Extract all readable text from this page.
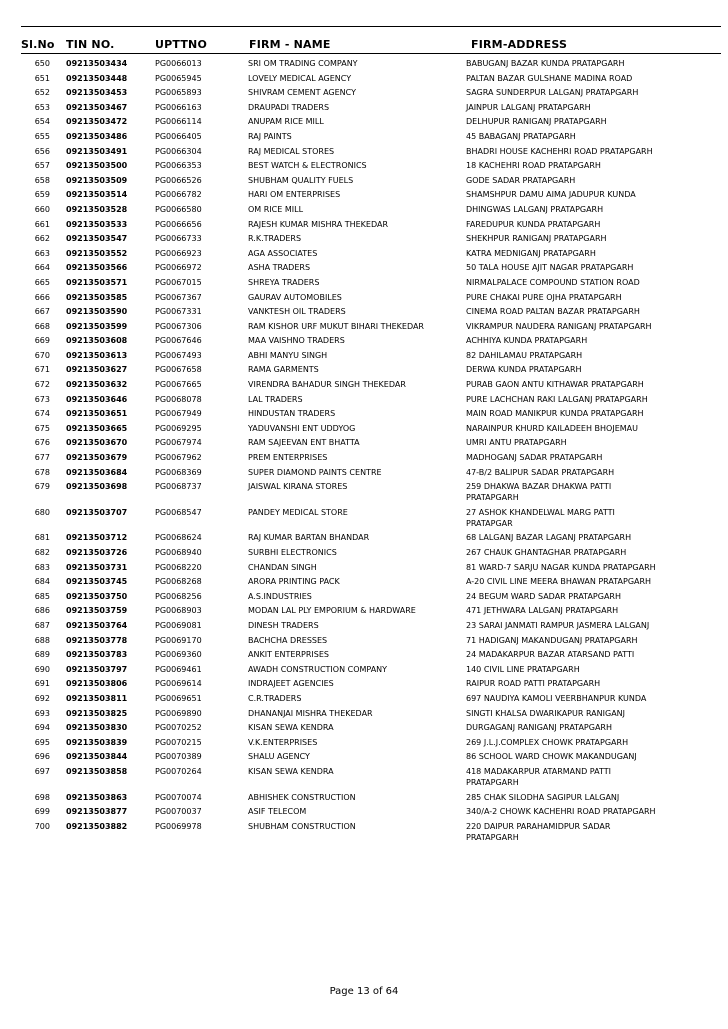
Sl.No TIN NO.	UPTTNO	FIRM - NAME	FIRM-ADDRESS
650 09213503434	PG0066013	SRI OM TRADING COMPANY	BABUGANJ BAZAR KUNDA PRATAPGARH
651 09213503448	PG0065945	LOVELY MEDICAL AGENCY	PALTAN BAZAR GULSHANE MADINA ROAD
652 09213503453	PG0065893	SHIVRAM CEMENT AGENCY	SAGRA SUNDERPUR LALGANJ PRATAPGARH
653 09213503467	PG0066163	DRAUPADI TRADERS	JAINPUR LALGANJ PRATAPGARH
654 09213503472	PG0066114	ANUPAM RICE MILL	DELHUPUR RANIGANJ PRATAPGARH
655 09213503486	PG0066405	RAJ PAINTS	45 BABAGANJ PRATAPGARH
656 09213503491	PG0066304	RAJ MEDICAL STORES	BHADRI HOUSE KACHEHRI ROAD PRATAPGARH
657 09213503500	PG0066353	BEST WATCH & ELECTRONICS	18 KACHEHRI ROAD PRATAPGARH
658 09213503509	PG0066526	SHUBHAM QUALITY FUELS	GODE SADAR PRATAPGARH
659 09213503514	PG0066782	HARI OM ENTERPRISES	SHAMSHPUR DAMU AIMA JADUPUR KUNDA
660 09213503528	PG0066580	OM RICE MILL	DHINGWAS LALGANJ PRATAPGARH
661 09213503533	PG0066656	RAJESH KUMAR MISHRA THEKEDAR	FAREDUPUR KUNDA PRATAPGARH
662 09213503547	PG0066733	R.K.TRADERS	SHEKHPUR RANIGANJ PRATAPGARH
663 09213503552	PG0066923	AGA ASSOCIATES	KATRA MEDNIGANJ PRATAPGARH
664 09213503566	PG0066972	ASHA TRADERS	50 TALA HOUSE AJIT NAGAR PRATAPGARH
665 09213503571	PG0067015	SHREYA TRADERS	NIRMALPALACE COMPOUND STATION ROAD
666 09213503585	PG0067367	GAURAV AUTOMOBILES	PURE CHAKAI PURE OJHA PRATAPGARH
667 09213503590	PG0067331	VANKTESH OIL TRADERS	CINEMA ROAD PALTAN BAZAR PRATAPGARH
668 09213503599	PG0067306	RAM KISHOR URF MUKUT BIHARI THEKEDAR	VIKRAMPUR NAUDERA RANIGANJ PRATAPGARH
669 09213503608	PG0067646	MAA VAISHNO TRADERS	ACHHIYA KUNDA PRATAPGARH
670 09213503613	PG0067493	ABHI MANYU SINGH	82 DAHILAMAU PRATAPGARH
671 09213503627	PG0067658	RAMA GARMENTS	DERWA KUNDA PRATAPGARH
672 09213503632	PG0067665	VIRENDRA BAHADUR SINGH THEKEDAR	PURAB GAON ANTU KITHAWAR PRATAPGARH
673 09213503646	PG0068078	LAL TRADERS	PURE LACHCHAN RAKI LALGANJ PRATAPGARH
674 09213503651	PG0067949	HINDUSTAN TRADERS	MAIN ROAD MANIKPUR KUNDA PRATAPGARH
675 09213503665	PG0069295	YADUVANSHI ENT UDDYOG	NARAINPUR KHURD KAILADEEH BHOJEMAU
676 09213503670	PG0067974	RAM SAJEEVAN ENT BHATTA	UMRI ANTU PRATAPGARH
677 09213503679	PG0067962	PREM ENTERPRISES	MADHOGANJ SADAR PRATAPGARH
678 09213503684	PG0068369	SUPER DIAMOND PAINTS CENTRE	47-B/2 BALIPUR SADAR PRATAPGARH
679 09213503698	PG0068737	JAISWAL KIRANA STORES	259 DHAKWA BAZAR DHAKWA PATTI PRATAPGARH
680 09213503707	PG0068547	PANDEY MEDICAL STORE	27 ASHOK KHANDELWAL MARG PATTI PRATAPGAR
681 09213503712	PG0068624	RAJ KUMAR BARTAN BHANDAR	68 LALGANJ BAZAR LAGANJ PRATAPGARH
682 09213503726	PG0068940	SURBHI ELECTRONICS	267 CHAUK GHANTAGHAR PRATAPGARH
683 09213503731	PG0068220	CHANDAN SINGH	81 WARD-7 SARJU NAGAR KUNDA PRATAPGARH
684 09213503745	PG0068268	ARORA PRINTING PACK	A-20 CIVIL LINE MEERA BHAWAN PRATAPGARH
685 09213503750	PG0068256	A.S.INDUSTRIES	24 BEGUM WARD SADAR PRATAPGARH
686 09213503759	PG0068903	MODAN LAL PLY EMPORIUM & HARDWARE	471 JETHWARA LALGANJ PRATAPGARH
687 09213503764	PG0069081	DINESH TRADERS	23 SARAI JANMATI RAMPUR JASMERA LALGANJ
688 09213503778	PG0069170	BACHCHA DRESSES	71 HADIGANJ MAKANDUGANJ PRATAPGARH
689 09213503783	PG0069360	ANKIT ENTERPRISES	24 MADAKARPUR BAZAR ATARSAND PATTI
690 09213503797	PG0069461	AWADH CONSTRUCTION COMPANY	140 CIVIL LINE PRATAPGARH
691 09213503806	PG0069614	INDRAJEET AGENCIES	RAIPUR ROAD PATTI PRATAPGARH
692 09213503811	PG0069651	C.R.TRADERS	697 NAUDIYA KAMOLI VEERBHANPUR KUNDA
693 09213503825	PG0069890	DHANANJAI MISHRA THEKEDAR	SINGTI KHALSA DWARIKAPUR RANIGANJ
694 09213503830	PG0070252	KISAN SEWA KENDRA	DURGAGANJ RANIGANJ PRATAPGARH
695 09213503839	PG0070215	V.K.ENTERPRISES	269 J.L.J.COMPLEX CHOWK PRATAPGARH
696 09213503844	PG0070389	SHALU AGENCY	86 SCHOOL WARD CHOWK MAKANDUGANJ
697 09213503858	PG0070264	KISAN SEWA KENDRA	418 MADAKARPUR ATARMAND PATTI PRATAPGARH
698 09213503863	PG0070074	ABHISHEK CONSTRUCTION	285 CHAK SILODHA SAGIPUR LALGANJ
699 09213503877	PG0070037	ASIF TELECOM	340/A-2 CHOWK KACHEHRI ROAD PRATAPGARH
700 09213503882	PG0069978	SHUBHAM CONSTRUCTION	220 DAIPUR PARAHAMIDPUR SADAR PRATAPGARH
Page 13 of 64
